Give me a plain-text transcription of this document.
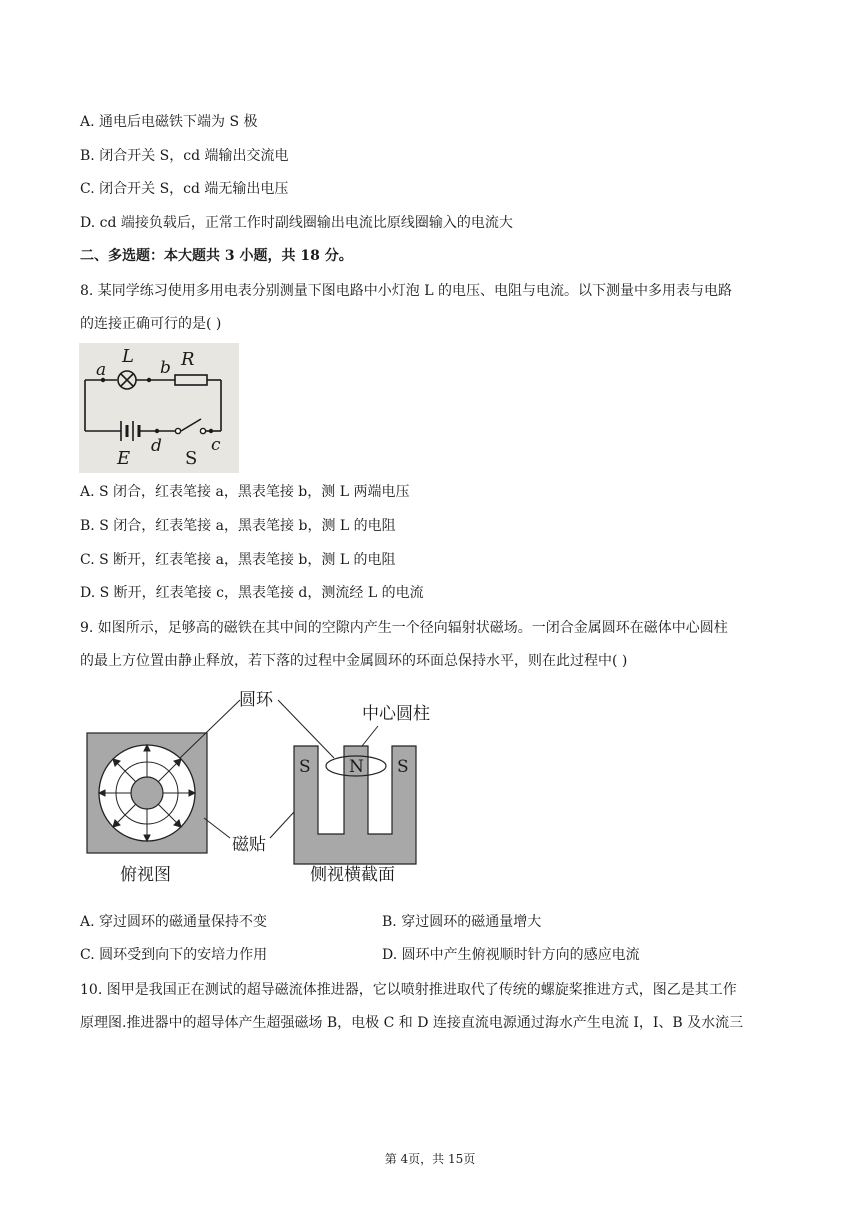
A. 通电后电磁铁下端为 S 极
B. 闭合开关 S，cd 端输出交流电
C. 闭合开关 S，cd 端无输出电压
D. cd 端接负载后，正常工作时副线圈输出电流比原线圈输入的电流大
二、多选题：本大题共 3 小题，共 18 分。
8. 某同学练习使用多用电表分别测量下图电路中小灯泡 L 的电压、电阻与电流。以下测量中多用表与电路
的连接正确可行的是( )
a
L
b R
E
d
S
c
A. S 闭合，红表笔接 a，黑表笔接 b，测 L 两端电压
B. S 闭合，红表笔接 a，黑表笔接 b，测 L 的电阻
C. S 断开，红表笔接 a，黑表笔接 b，测 L 的电阻
D. S 断开，红表笔接 c，黑表笔接 d，测流经 L 的电流
9. 如图所示，足够高的磁铁在其中间的空隙内产生一个径向辐射状磁场。一闭合金属圆环在磁体中心圆柱
的最上方位置由静止释放，若下落的过程中金属圆环的环面总保持水平，则在此过程中( )
S N S
圆环
中心圆柱
磁贴
俯视图	侧视横截面
A. 穿过圆环的磁通量保持不变	B. 穿过圆环的磁通量增大
C. 圆环受到向下的安培力作用	D. 圆环中产生俯视顺时针方向的感应电流
10. 图甲是我国正在测试的超导磁流体推进器，它以喷射推进取代了传统的螺旋桨推进方式，图乙是其工作
原理图.推进器中的超导体产生超强磁场 B，电极 C 和 D 连接直流电源通过海水产生电流 I，I、B 及水流三
第 4页，共 15页
